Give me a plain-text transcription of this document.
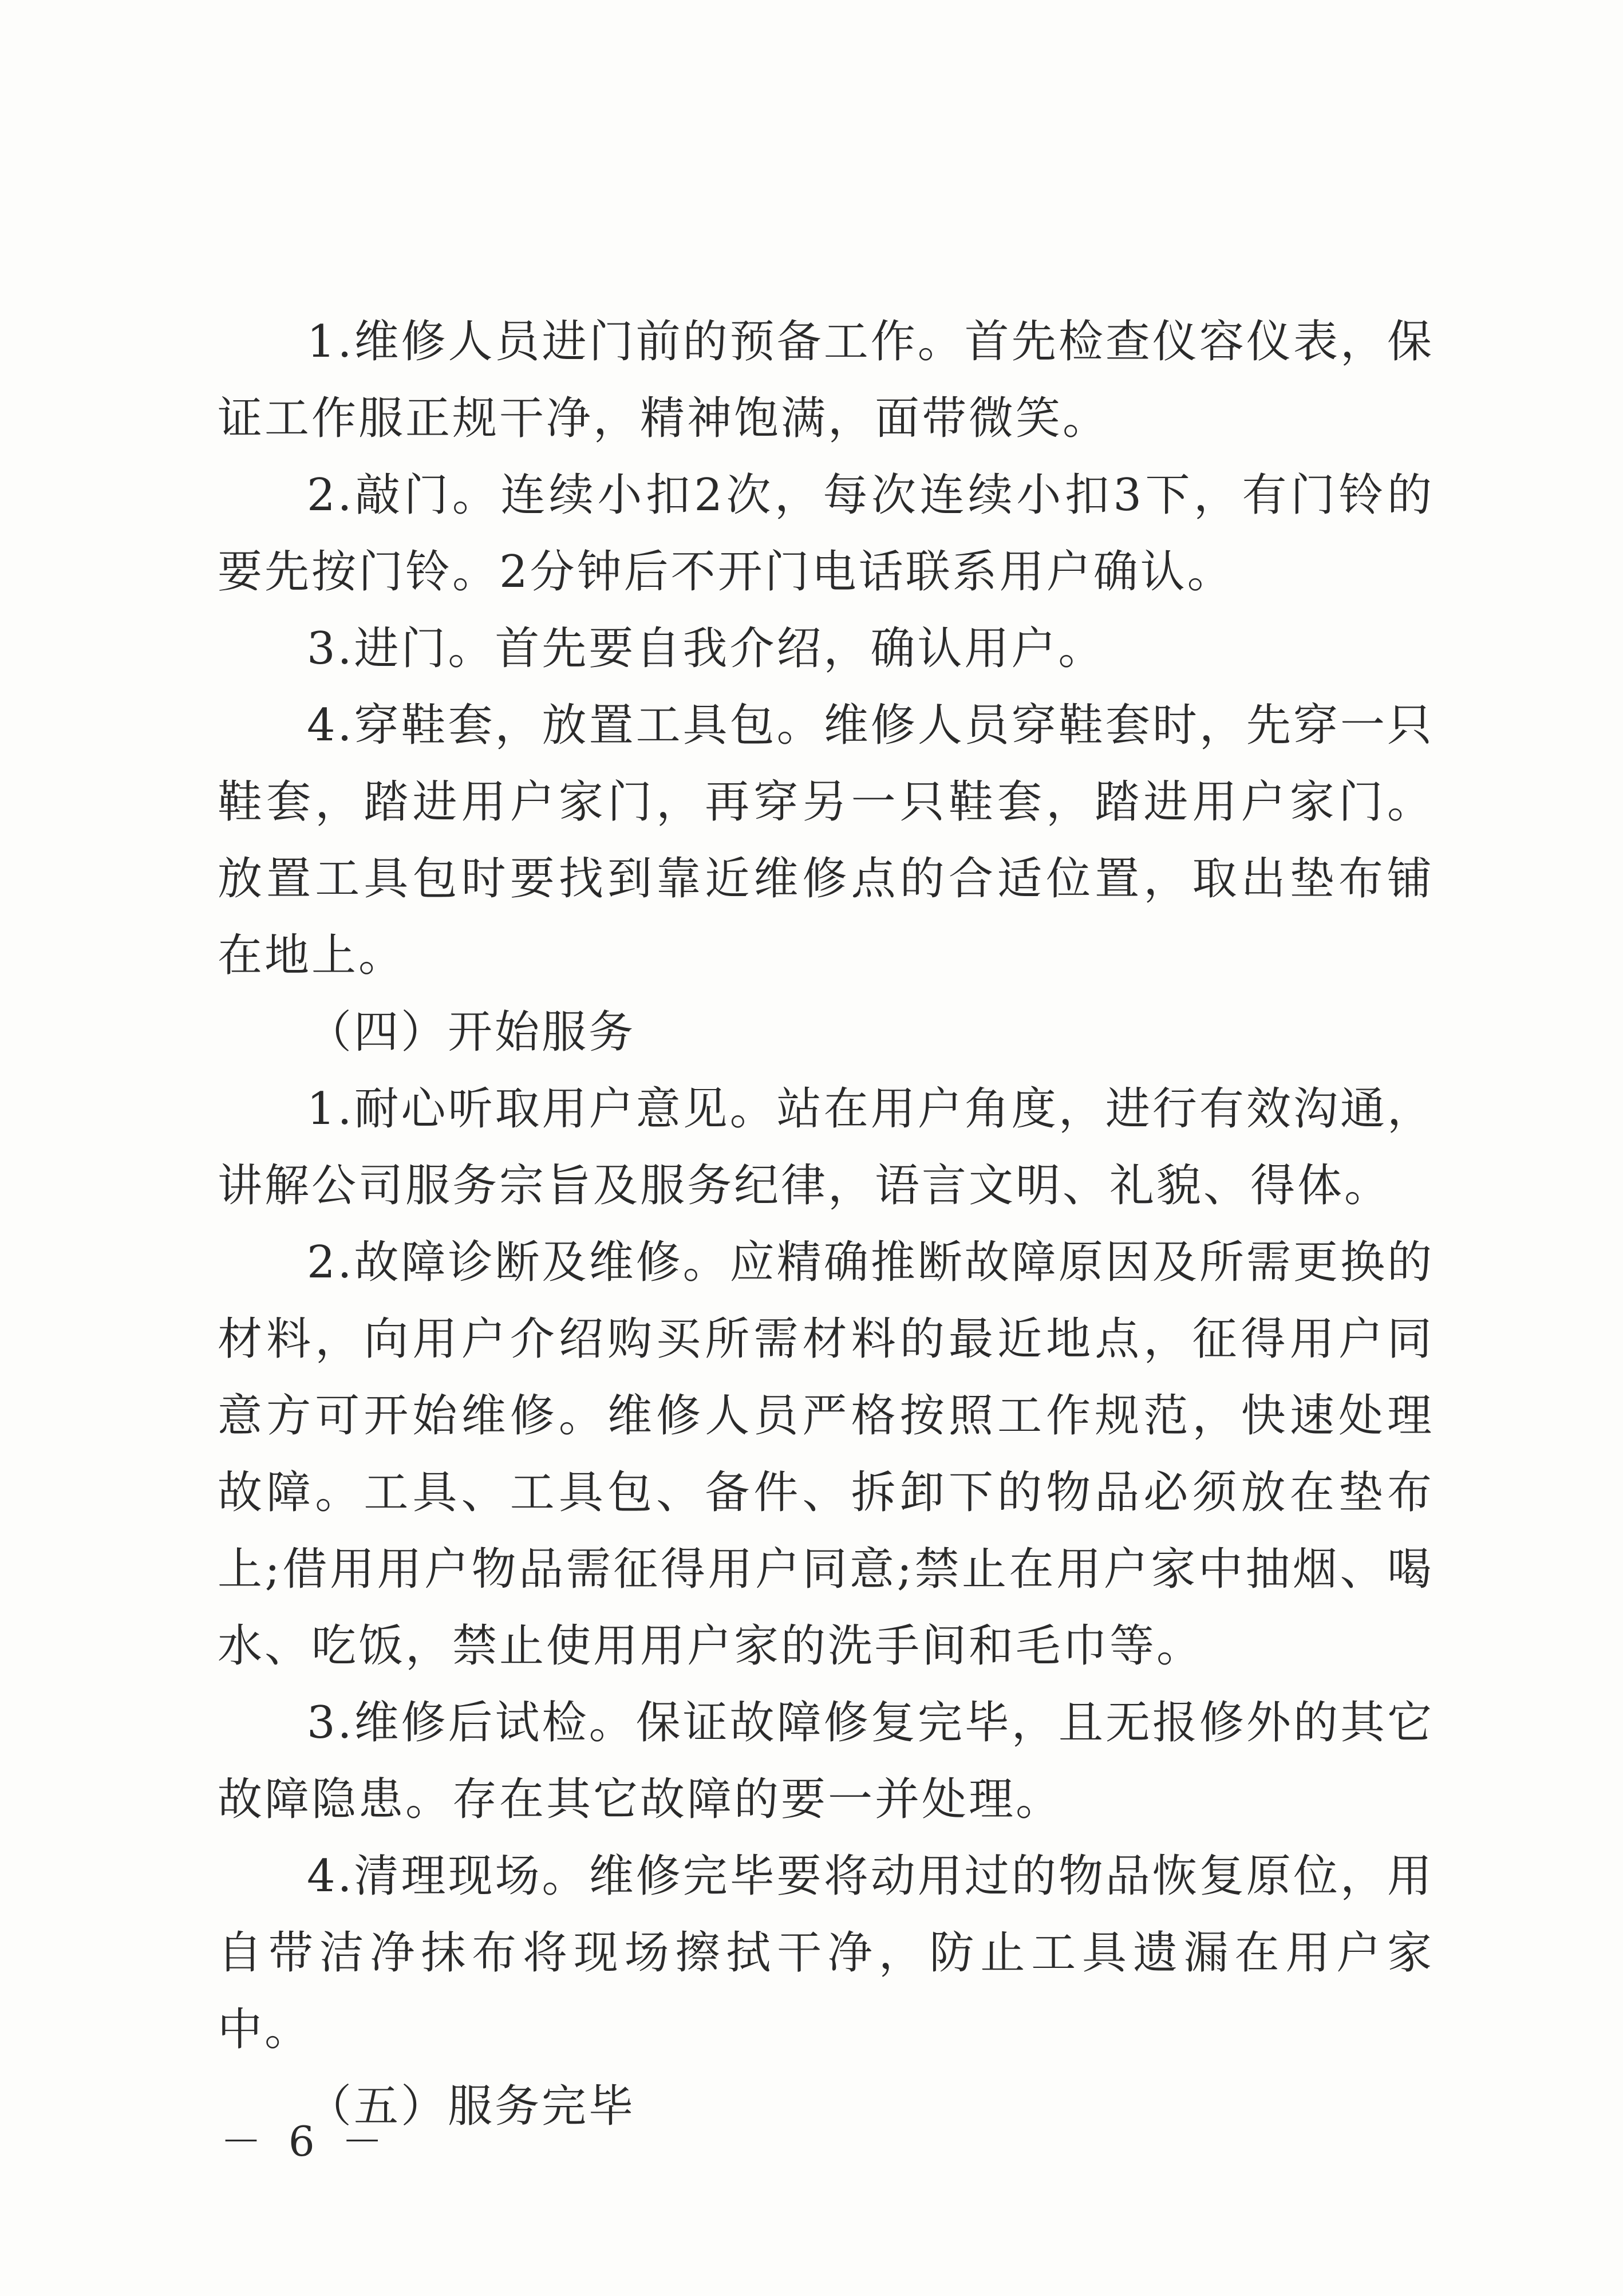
1.维修人员进门前的预备工作。首先检查仪容仪表，保证工作服正规干净，精神饱满，面带微笑。

2.敲门。连续小扣2次，每次连续小扣3下，有门铃的要先按门铃。2分钟后不开门电话联系用户确认。

3.进门。首先要自我介绍，确认用户。

4.穿鞋套，放置工具包。维修人员穿鞋套时，先穿一只鞋套，踏进用户家门，再穿另一只鞋套，踏进用户家门。放置工具包时要找到靠近维修点的合适位置，取出垫布铺在地上。

（四）开始服务

1.耐心听取用户意见。站在用户角度，进行有效沟通，讲解公司服务宗旨及服务纪律，语言文明、礼貌、得体。

2.故障诊断及维修。应精确推断故障原因及所需更换的材料，向用户介绍购买所需材料的最近地点，征得用户同意方可开始维修。维修人员严格按照工作规范，快速处理故障。工具、工具包、备件、拆卸下的物品必须放在垫布上;借用用户物品需征得用户同意;禁止在用户家中抽烟、喝水、吃饭，禁止使用用户家的洗手间和毛巾等。

3.维修后试检。保证故障修复完毕，且无报修外的其它故障隐患。存在其它故障的要一并处理。

4.清理现场。维修完毕要将动用过的物品恢复原位，用自带洁净抹布将现场擦拭干净，防止工具遗漏在用户家中。

（五）服务完毕

－ 6 －
